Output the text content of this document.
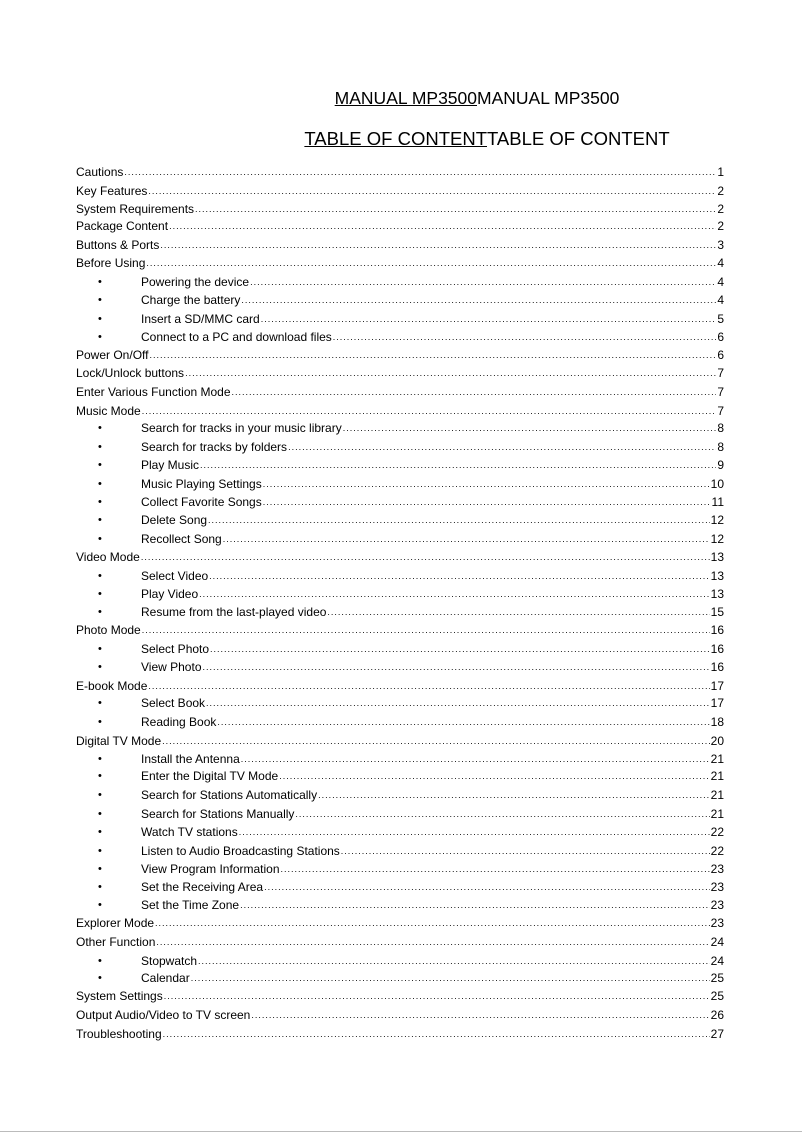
MANUAL MP3500MANUAL MP3500
TABLE OF CONTENTTABLE OF CONTENT
Cautions .....	1
Key Features .....	2
System Requirements .....	2
Package Content .....	2
Buttons & Ports .....	3
Before Using .....	4
•	Powering the device .....	4
•	Charge the battery .....	4
•	Insert a SD/MMC card .....	5
•	Connect to a PC and download files .....	6
Power On/Off .....	6
Lock/Unlock buttons .....	7
Enter Various Function Mode .....	7
Music Mode .....	7
•	Search for tracks in your music library .....	8
•	Search for tracks by folders .....	8
•	Play Music .....	9
•	Music Playing Settings .....	10
•	Collect Favorite Songs .....	11
•	Delete Song .....	12
•	Recollect Song .....	12
Video Mode .....	13
•	Select Video .....	13
•	Play Video .....	13
•	Resume from the last-played video .....	15
Photo Mode .....	16
•	Select Photo .....	16
•	View Photo .....	16
E-book Mode .....	17
•	Select Book .....	17
•	Reading Book .....	18
Digital TV Mode .....	20
•	Install the Antenna .....	21
•	Enter the Digital TV Mode .....	21
•	Search for Stations Automatically .....	21
•	Search for Stations Manually .....	21
•	Watch TV stations .....	22
•	Listen to Audio Broadcasting Stations .....	22
•	View Program Information .....	23
•	Set the Receiving Area .....	23
•	Set the Time Zone .....	23
Explorer Mode .....	23
Other Function .....	24
•	Stopwatch .....	24
•	Calendar .....	25
System Settings .....	25
Output Audio/Video to TV screen .....	26
Troubleshooting .....	27
